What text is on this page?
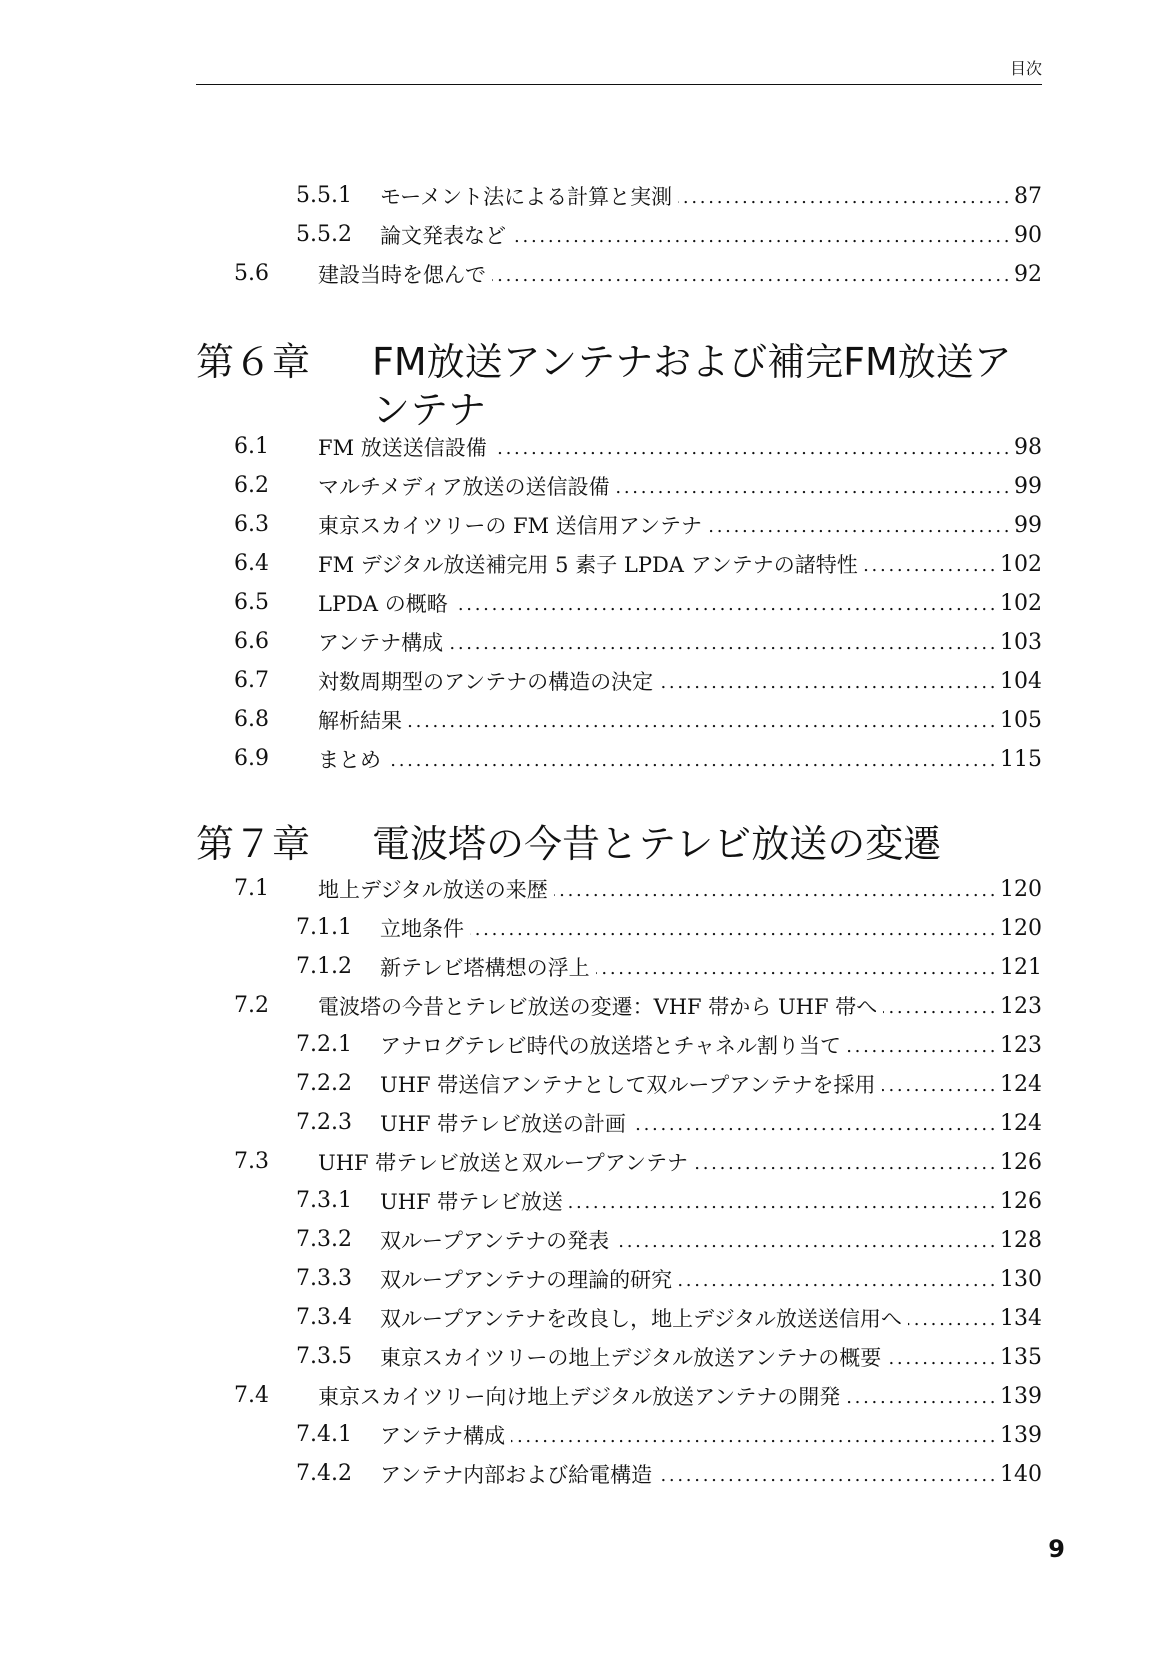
目次
5.5.1 モーメント法による計算と実測 . . .	87
5.5.2 論文発表など . . .	90
5.6 建設当時を偲んで . . .	92
第６章 FM放送アンテナおよび補完FM放送アンテナ
6.1 FM 放送送信設備 . . .	98
6.2 マルチメディア放送の送信設備 . . .	99
6.3 東京スカイツリーの FM 送信用アンテナ . . .	99
6.4 FM デジタル放送補完用 5 素子 LPDA アンテナの諸特性 . . .	102
6.5 LPDA の概略 . . .	102
6.6 アンテナ構成 . . .	103
6.7 対数周期型のアンテナの構造の決定 . . .	104
6.8 解析結果 . . .	105
6.9 まとめ . . .	115
第７章 電波塔の今昔とテレビ放送の変遷
7.1 地上デジタル放送の来歴 . . .	120
7.1.1 立地条件 . . .	120
7.1.2 新テレビ塔構想の浮上 . . .	121
7.2 電波塔の今昔とテレビ放送の変遷：VHF 帯から UHF 帯へ . . .	123
7.2.1 アナログテレビ時代の放送塔とチャネル割り当て . . .	123
7.2.2 UHF 帯送信アンテナとして双ループアンテナを採用 . . .	124
7.2.3 UHF 帯テレビ放送の計画 . . .	124
7.3 UHF 帯テレビ放送と双ループアンテナ . . .	126
7.3.1 UHF 帯テレビ放送 . . .	126
7.3.2 双ループアンテナの発表 . . .	128
7.3.3 双ループアンテナの理論的研究 . . .	130
7.3.4 双ループアンテナを改良し，地上デジタル放送送信用へ . . .	134
7.3.5 東京スカイツリーの地上デジタル放送アンテナの概要 . . .	135
7.4 東京スカイツリー向け地上デジタル放送アンテナの開発 . . .	139
7.4.1 アンテナ構成 . . .	139
7.4.2 アンテナ内部および給電構造 . . .	140
9
